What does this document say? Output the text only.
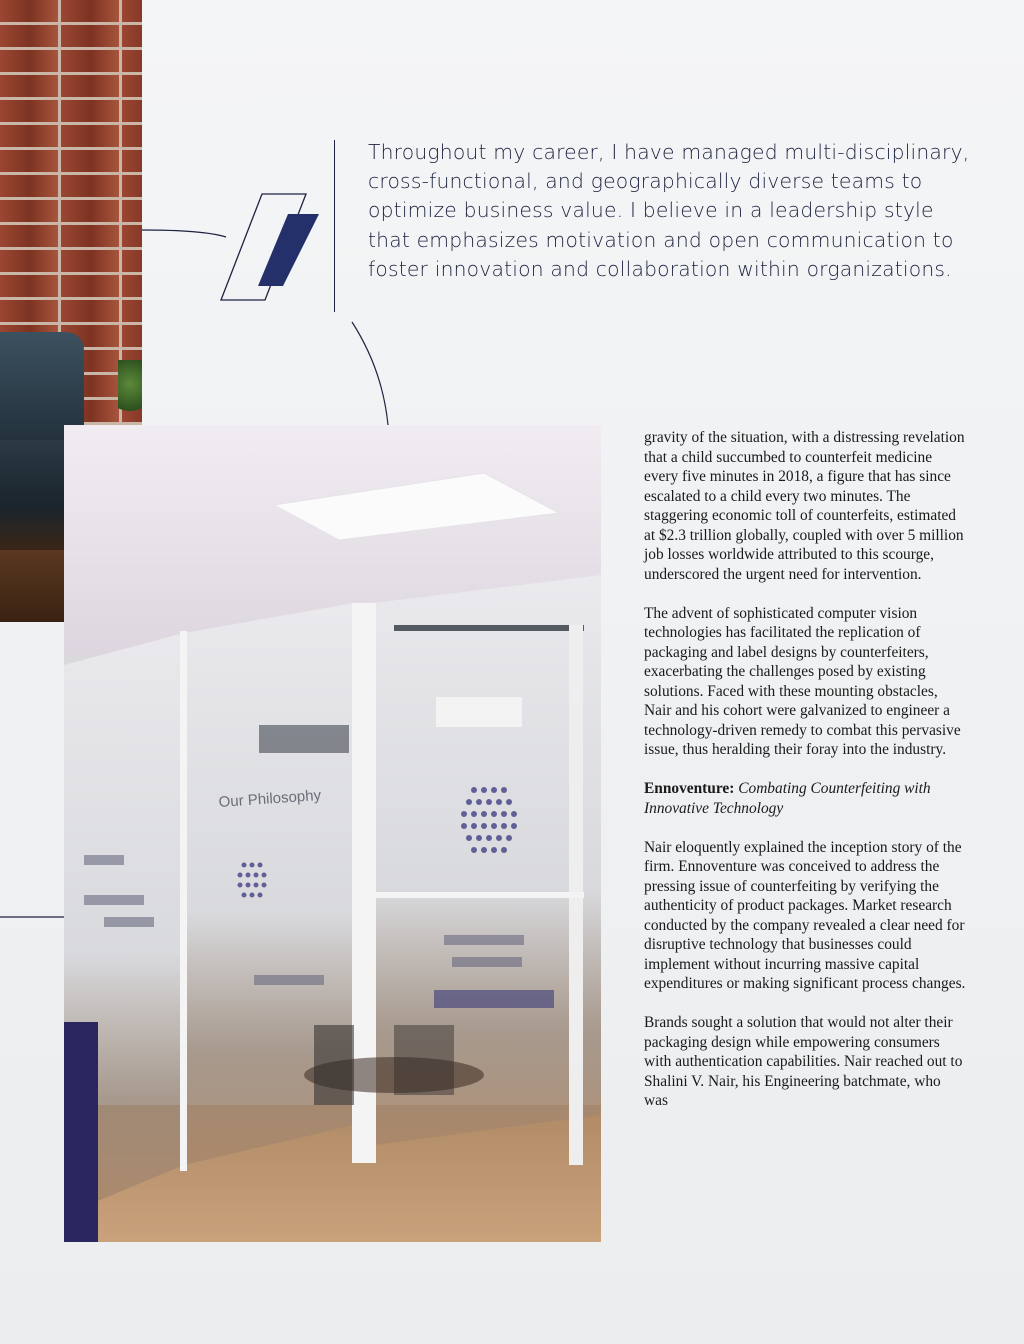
Throughout my career, I have managed multi-disciplinary, cross-functional, and geographically diverse teams to optimize business value. I believe in a leadership style that emphasizes motivation and open communication to foster innovation and collaboration within organizations.

Our Philosophy

gravity of the situation, with a distressing revelation that a child succumbed to counterfeit medicine every five minutes in 2018, a figure that has since escalated to a child every two minutes. The staggering economic toll of counterfeits, estimated at $2.3 trillion globally, coupled with over 5 million job losses worldwide attributed to this scourge, underscored the urgent need for intervention.

The advent of sophisticated computer vision technologies has facilitated the replication of packaging and label designs by counterfeiters, exacerbating the challenges posed by existing solutions. Faced with these mounting obstacles, Nair and his cohort were galvanized to engineer a technology-driven remedy to combat this pervasive issue, thus heralding their foray into the industry.

Ennoventure: Combating Counterfeiting with Innovative Technology

Nair eloquently explained the inception story of the firm. Ennoventure was conceived to address the pressing issue of counterfeiting by verifying the authenticity of product packages. Market research conducted by the company revealed a clear need for disruptive technology that businesses could implement without incurring massive capital expenditures or making significant process changes.

Brands sought a solution that would not alter their packaging design while empowering consumers with authentication capabilities. Nair reached out to Shalini V. Nair, his Engineering batchmate, who was
